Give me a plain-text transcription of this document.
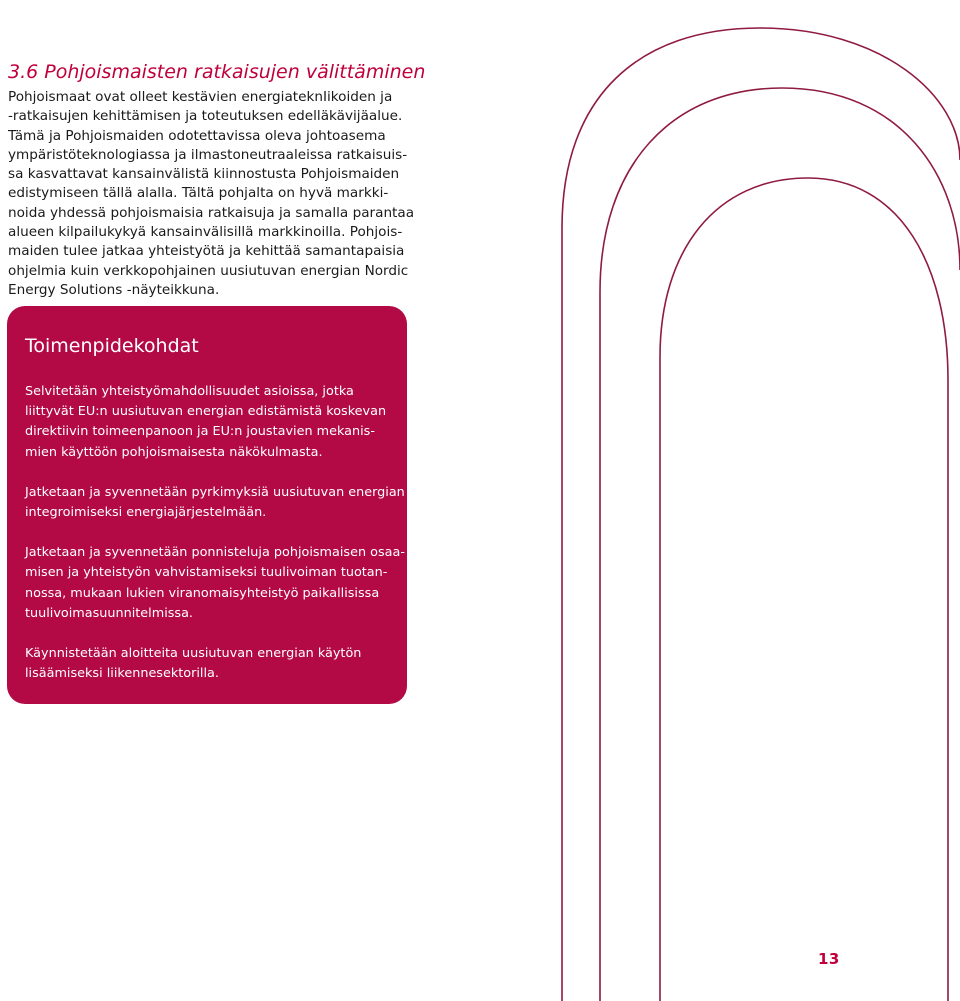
3.6 Pohjoismaisten ratkaisujen välittäminen

Pohjoismaat ovat olleet kestävien energiateknIikoiden ja
-ratkaisujen kehittämisen ja toteutuksen edelläkävijäalue.
Tämä ja Pohjoismaiden odotettavissa oleva johtoasema
ympäristöteknologiassa ja ilmastoneutraaleissa ratkaisuis-
sa kasvattavat kansainvälistä kiinnostusta Pohjoismaiden
edistymiseen tällä alalla. Tältä pohjalta on hyvä markki-
noida yhdessä pohjoismaisia ratkaisuja ja samalla parantaa
alueen kilpailukykyä kansainvälisillä markkinoilla. Pohjois-
maiden tulee jatkaa yhteistyötä ja kehittää samantapaisia
ohjelmia kuin verkkopohjainen uusiutuvan energian Nordic
Energy Solutions -näyteikkuna.

Toimenpidekohdat

Selvitetään yhteistyömahdollisuudet asioissa, jotka
liittyvät EU:n uusiutuvan energian edistämistä koskevan
direktiivin toimeenpanoon ja EU:n joustavien mekanis-
mien käyttöön pohjoismaisesta näkökulmasta.

Jatketaan ja syvennetään pyrkimyksiä uusiutuvan energian
integroimiseksi energiajärjestelmään.

Jatketaan ja syvennetään ponnisteluja pohjoismaisen osaa-
misen ja yhteistyön vahvistamiseksi tuulivoiman tuotan-
nossa, mukaan lukien viranomaisyhteistyö paikallisissa
tuulivoimasuunnitelmissa.

Käynnistetään aloitteita uusiutuvan energian käytön
lisäämiseksi liikennesektorilla.

13
